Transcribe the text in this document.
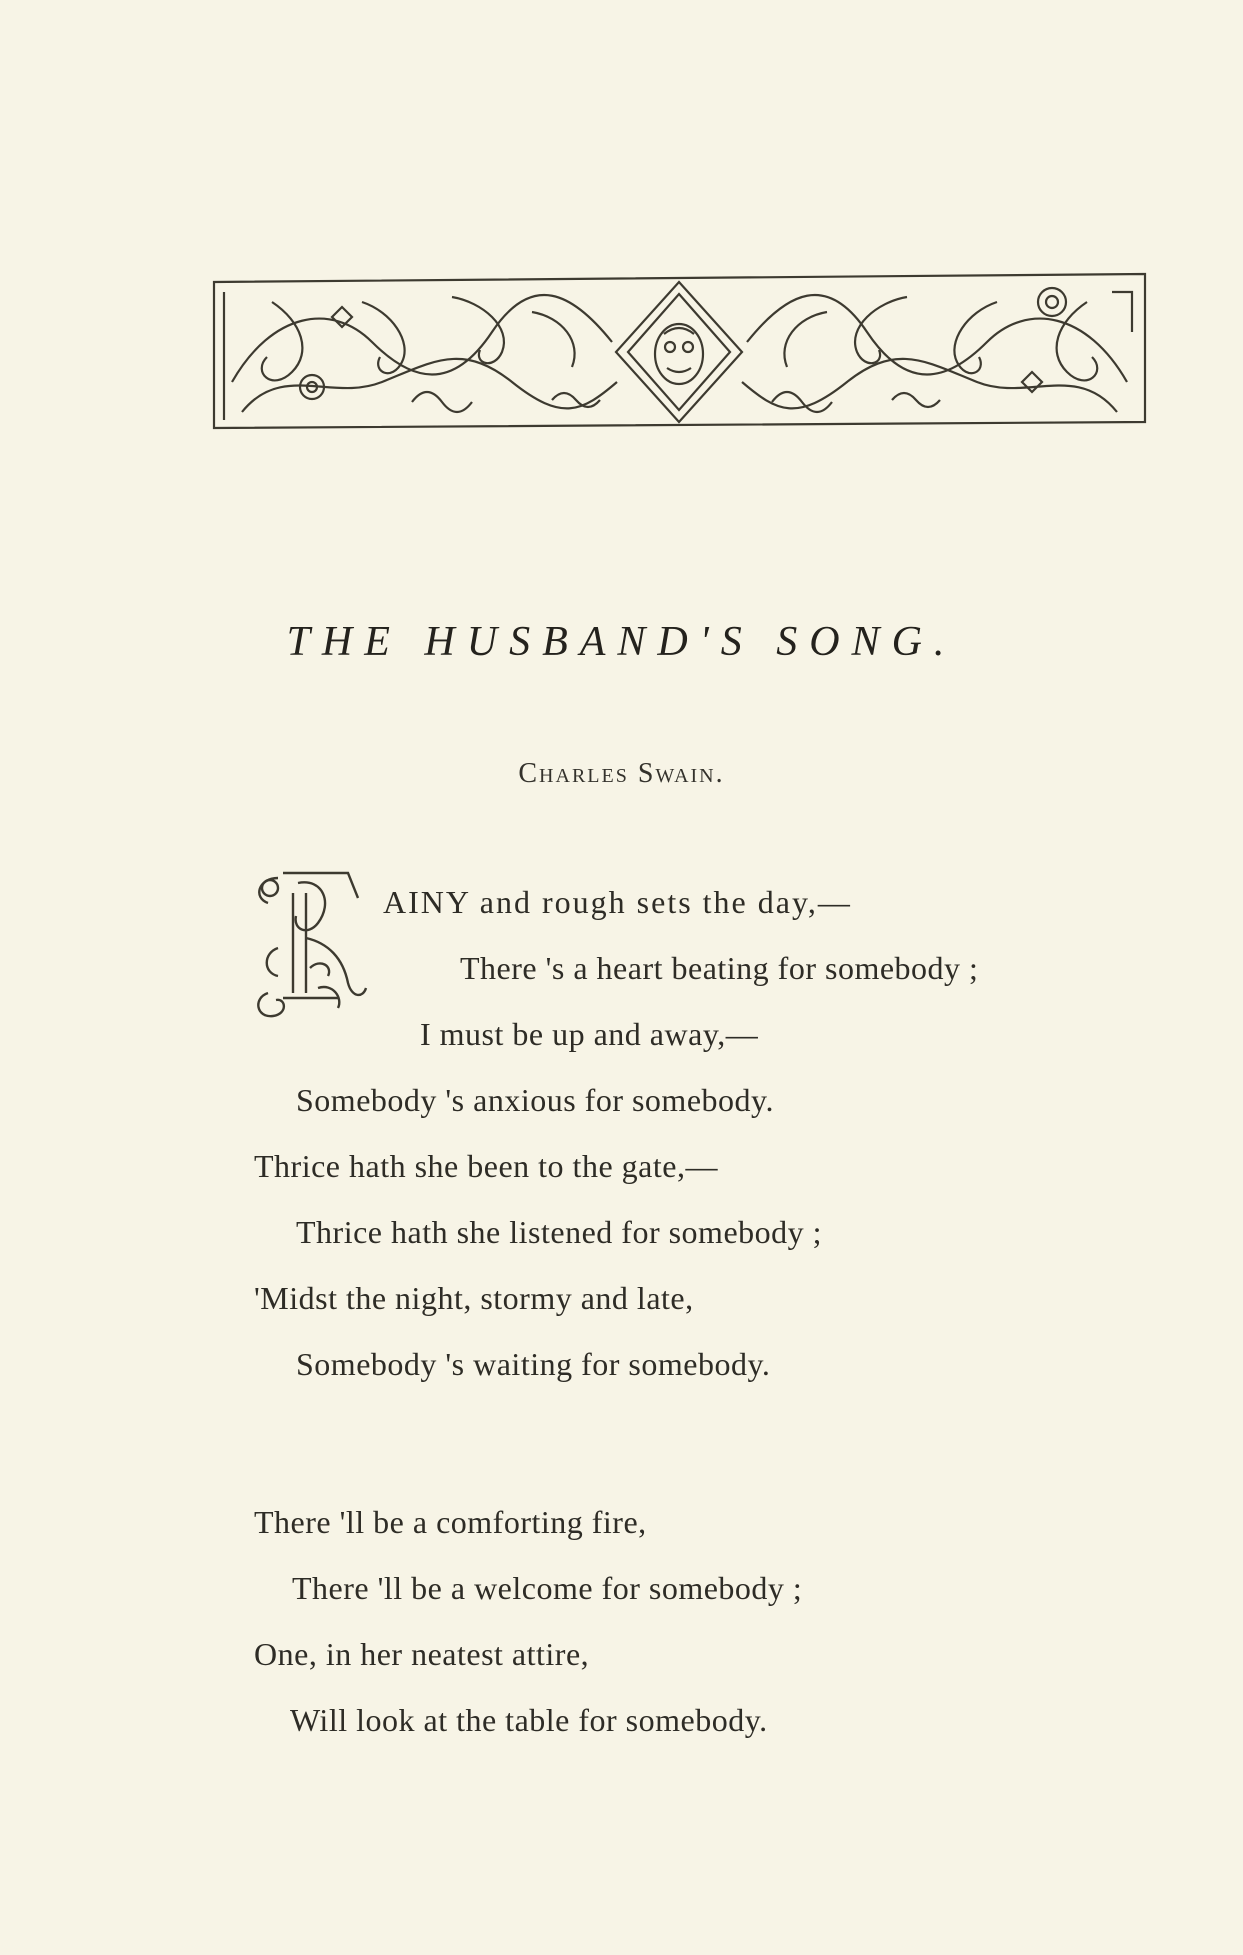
THE HUSBAND'S SONG.
Charles Swain.
AINY and rough sets the day,—
There 's a heart beating for somebody ;
I must be up and away,—
Somebody 's anxious for somebody.
Thrice hath she been to the gate,—
Thrice hath she listened for somebody ;
'Midst the night, stormy and late,
Somebody 's waiting for somebody.
There 'll be a comforting fire,
There 'll be a welcome for somebody ;
One, in her neatest attire,
Will look at the table for somebody.
